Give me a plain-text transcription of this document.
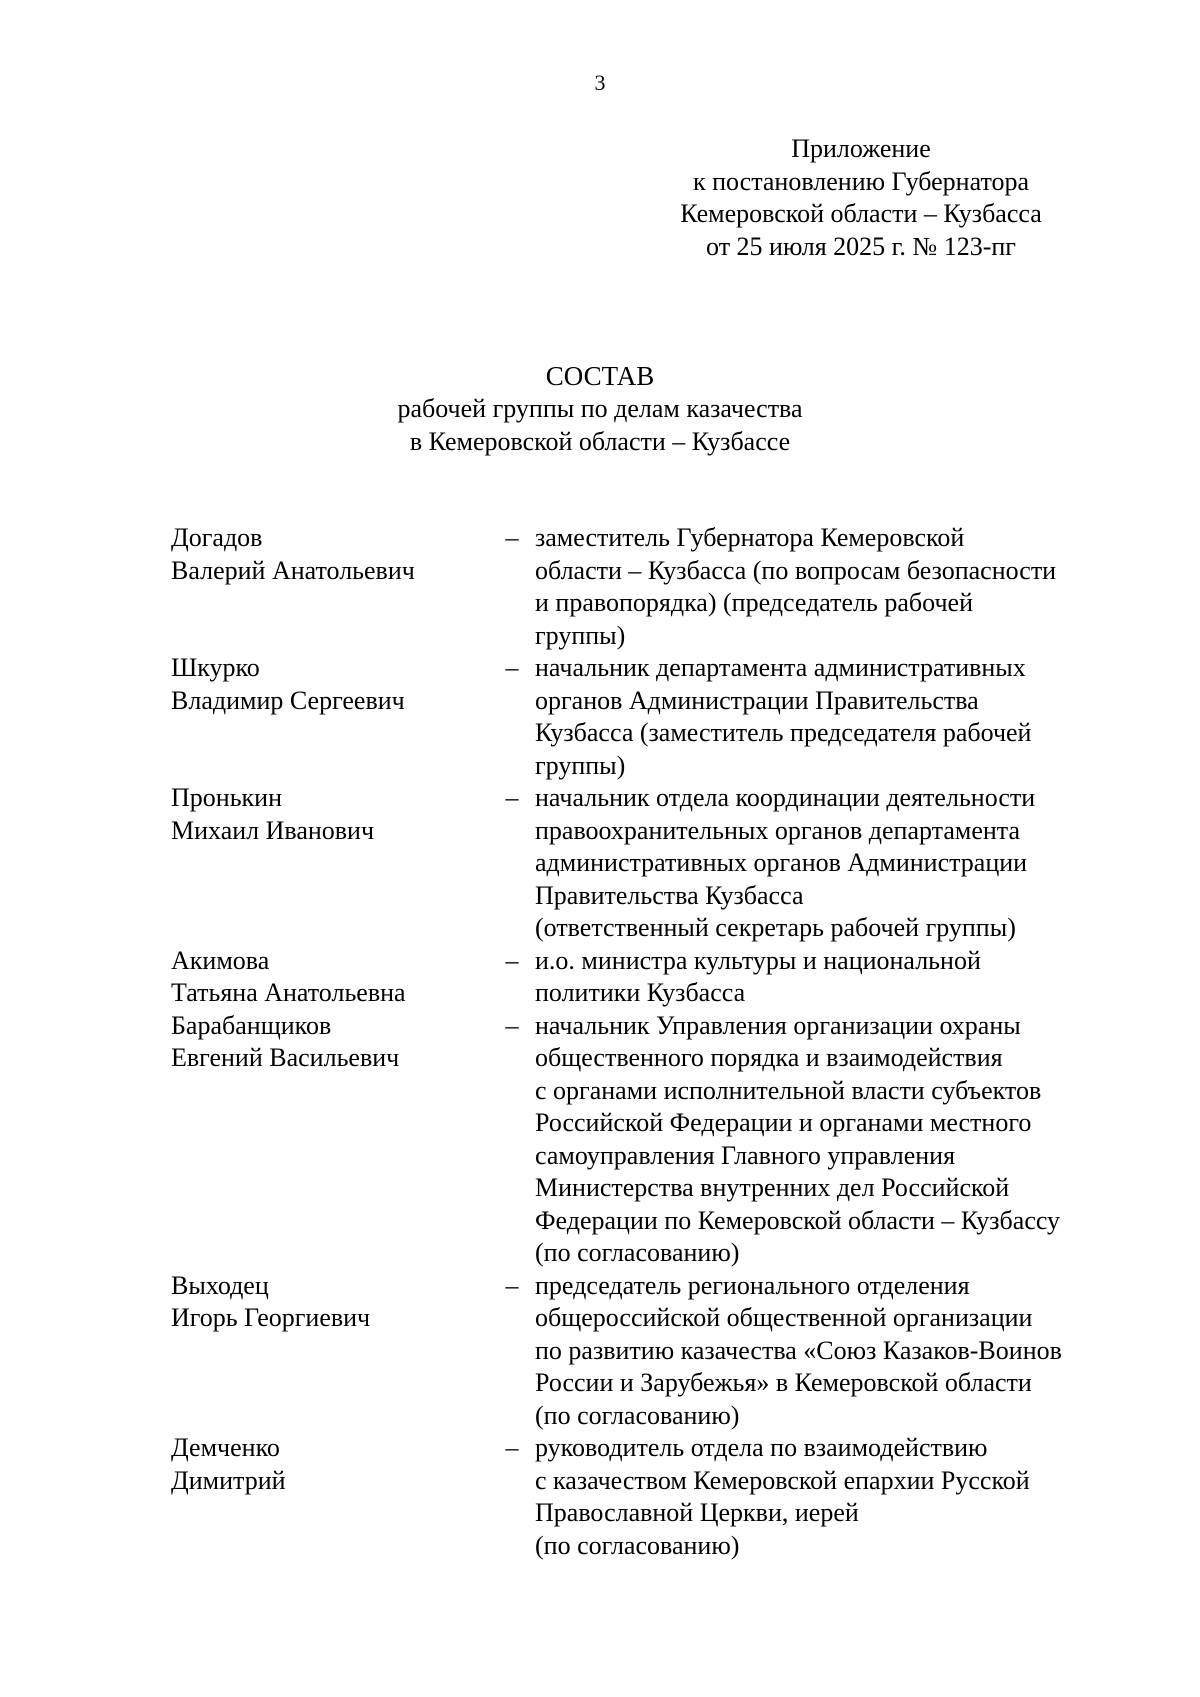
3
Приложение
к постановлению Губернатора
Кемеровской области – Кузбасса
от 25 июля 2025 г. № 123-пг
СОСТАВ
рабочей группы по делам казачества
в Кемеровской области – Кузбассе
Догадов
Валерий Анатольевич
– заместитель Губернатора Кемеровской
области – Кузбасса (по вопросам безопасности
и правопорядка) (председатель рабочей
группы)
Шкурко
Владимир Сергеевич
– начальник департамента административных
органов Администрации Правительства
Кузбасса (заместитель председателя рабочей
группы)
Пронькин
Михаил Иванович
– начальник отдела координации деятельности
правоохранительных органов департамента
административных органов Администрации
Правительства Кузбасса
(ответственный секретарь рабочей группы)
Акимова
Татьяна Анатольевна
– и.о. министра культуры и национальной
политики Кузбасса
Барабанщиков
Евгений Васильевич
– начальник Управления организации охраны
общественного порядка и взаимодействия
с органами исполнительной власти субъектов
Российской Федерации и органами местного
самоуправления Главного управления
Министерства внутренних дел Российской
Федерации по Кемеровской области – Кузбассу
(по согласованию)
Выходец
Игорь Георгиевич
– председатель регионального отделения
общероссийской общественной организации
по развитию казачества «Союз Казаков-Воинов
России и Зарубежья» в Кемеровской области
(по согласованию)
Демченко
Димитрий
– руководитель отдела по взаимодействию
с казачеством Кемеровской епархии Русской
Православной Церкви, иерей
(по согласованию)
